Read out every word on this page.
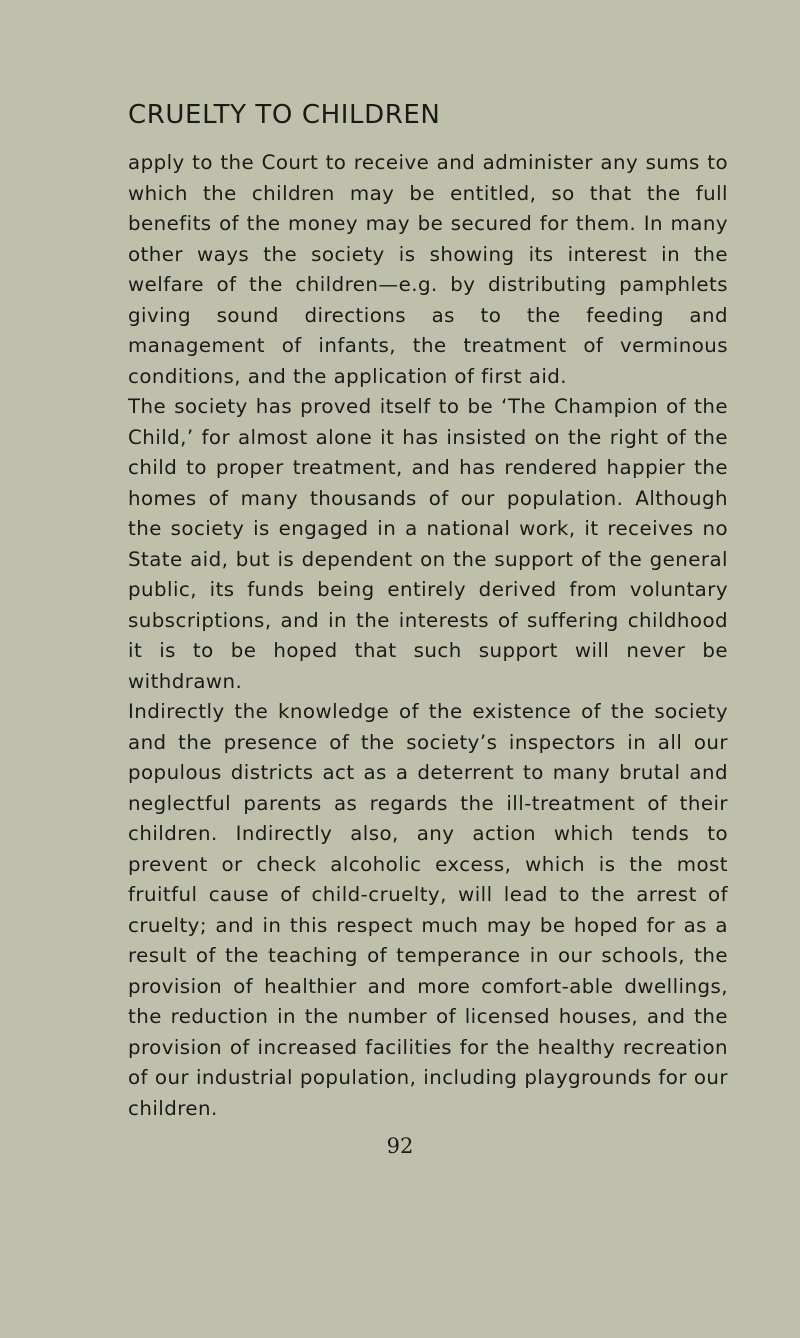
CRUELTY TO CHILDREN

apply to the Court to receive and administer any sums to which the children may be entitled, so that the full benefits of the money may be secured for them. In many other ways the society is showing its interest in the welfare of the children—e.g. by distributing pamphlets giving sound directions as to the feeding and management of infants, the treatment of verminous conditions, and the application of first aid.

The society has proved itself to be ‘The Champion of the Child,’ for almost alone it has insisted on the right of the child to proper treatment, and has rendered happier the homes of many thousands of our population. Although the society is engaged in a national work, it receives no State aid, but is dependent on the support of the general public, its funds being entirely derived from voluntary subscriptions, and in the interests of suffering childhood it is to be hoped that such support will never be withdrawn.

Indirectly the knowledge of the existence of the society and the presence of the society’s inspectors in all our populous districts act as a deterrent to many brutal and neglectful parents as regards the ill-treatment of their children. Indirectly also, any action which tends to prevent or check alcoholic excess, which is the most fruitful cause of child-cruelty, will lead to the arrest of cruelty; and in this respect much may be hoped for as a result of the teaching of temperance in our schools, the provision of healthier and more comfort-able dwellings, the reduction in the number of licensed houses, and the provision of increased facilities for the healthy recreation of our industrial population, including playgrounds for our children.

92
